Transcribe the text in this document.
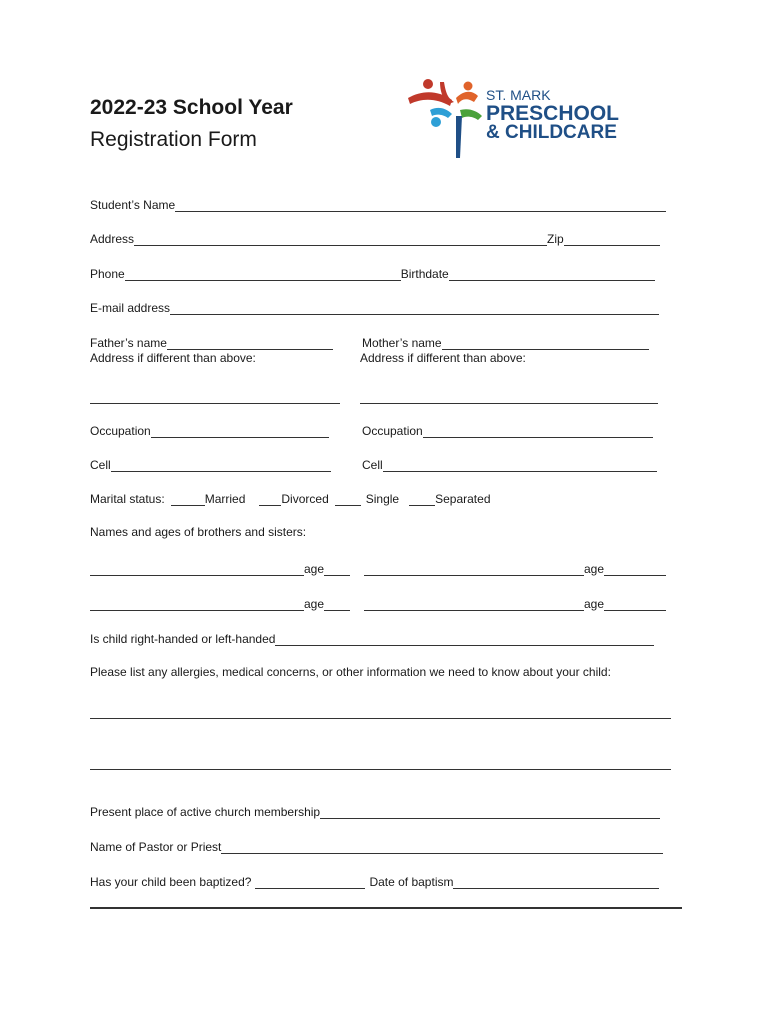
2022-23 School Year
Registration Form
ST. MARK
PRESCHOOL
& CHILDCARE
Student’s Name
Address	Zip
Phone	Birthdate
E-mail address
Father’s name	Mother’s name
Address if different than above:	Address if different than above:
Occupation	Occupation
Cell	Cell
Marital status:	Married	Divorced	Single	Separated
Names and ages of brothers and sisters:
age	age
age	age
Is child right-handed or left-handed
Please list any allergies, medical concerns, or other information we need to know about your child:
Present place of active church membership
Name of Pastor or Priest
Has your child been baptized?	Date of baptism
